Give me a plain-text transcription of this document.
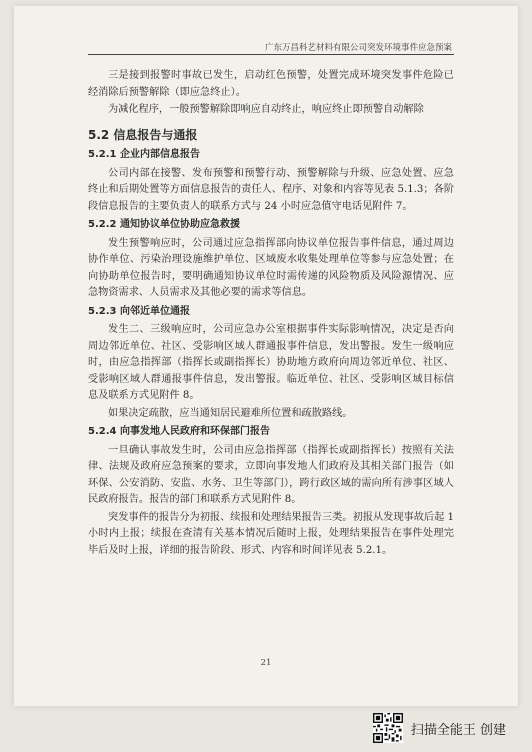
广东万昌科艺材料有限公司突发环境事件应急预案

三是接到报警时事故已发生，启动红色预警，处置完成环境突发事件危险已经消除后预警解除（即应急终止）。

为减化程序，一般预警解除即响应自动终止，响应终止即预警自动解除

5.2 信息报告与通报
5.2.1 企业内部信息报告

公司内部在接警、发布预警和预警行动、预警解除与升级、应急处置、应急终止和后期处置等方面信息报告的责任人、程序、对象和内容等见表 5.1.3；各阶段信息报告的主要负责人的联系方式与 24 小时应急值守电话见附件 7。

5.2.2 通知协议单位协助应急救援

发生预警响应时，公司通过应急指挥部向协议单位报告事件信息，通过周边协作单位、污染治理设施维护单位、区域废水收集处理单位等参与应急处置；在向协助单位报告时，要明确通知协议单位时需传递的风险物质及风险源情况、应急物资需求、人员需求及其他必要的需求等信息。

5.2.3 向邻近单位通报

发生二、三级响应时，公司应急办公室根据事件实际影响情况，决定是否向周边邻近单位、社区、受影响区域人群通报事件信息，发出警报。发生一级响应时，由应急指挥部（指挥长或副指挥长）协助地方政府向周边邻近单位、社区、受影响区域人群通报事件信息，发出警报。临近单位、社区、受影响区域目标信息及联系方式见附件 8。

如果决定疏散，应当通知居民避难所位置和疏散路线。

5.2.4 向事发地人民政府和环保部门报告

一旦确认事故发生时，公司由应急指挥部（指挥长或副指挥长）按照有关法律、法规及政府应急预案的要求，立即向事发地人们政府及其相关部门报告（如环保、公安消防、安监、水务、卫生等部门），跨行政区域的需向所有涉事区域人民政府报告。报告的部门和联系方式见附件 8。

突发事件的报告分为初报、续报和处理结果报告三类。初报从发现事故后起 1 小时内上报；续报在查清有关基本情况后随时上报，处理结果报告在事件处理完毕后及时上报，详细的报告阶段、形式、内容和时间详见表 5.2.1。

21
扫描全能王 创建
